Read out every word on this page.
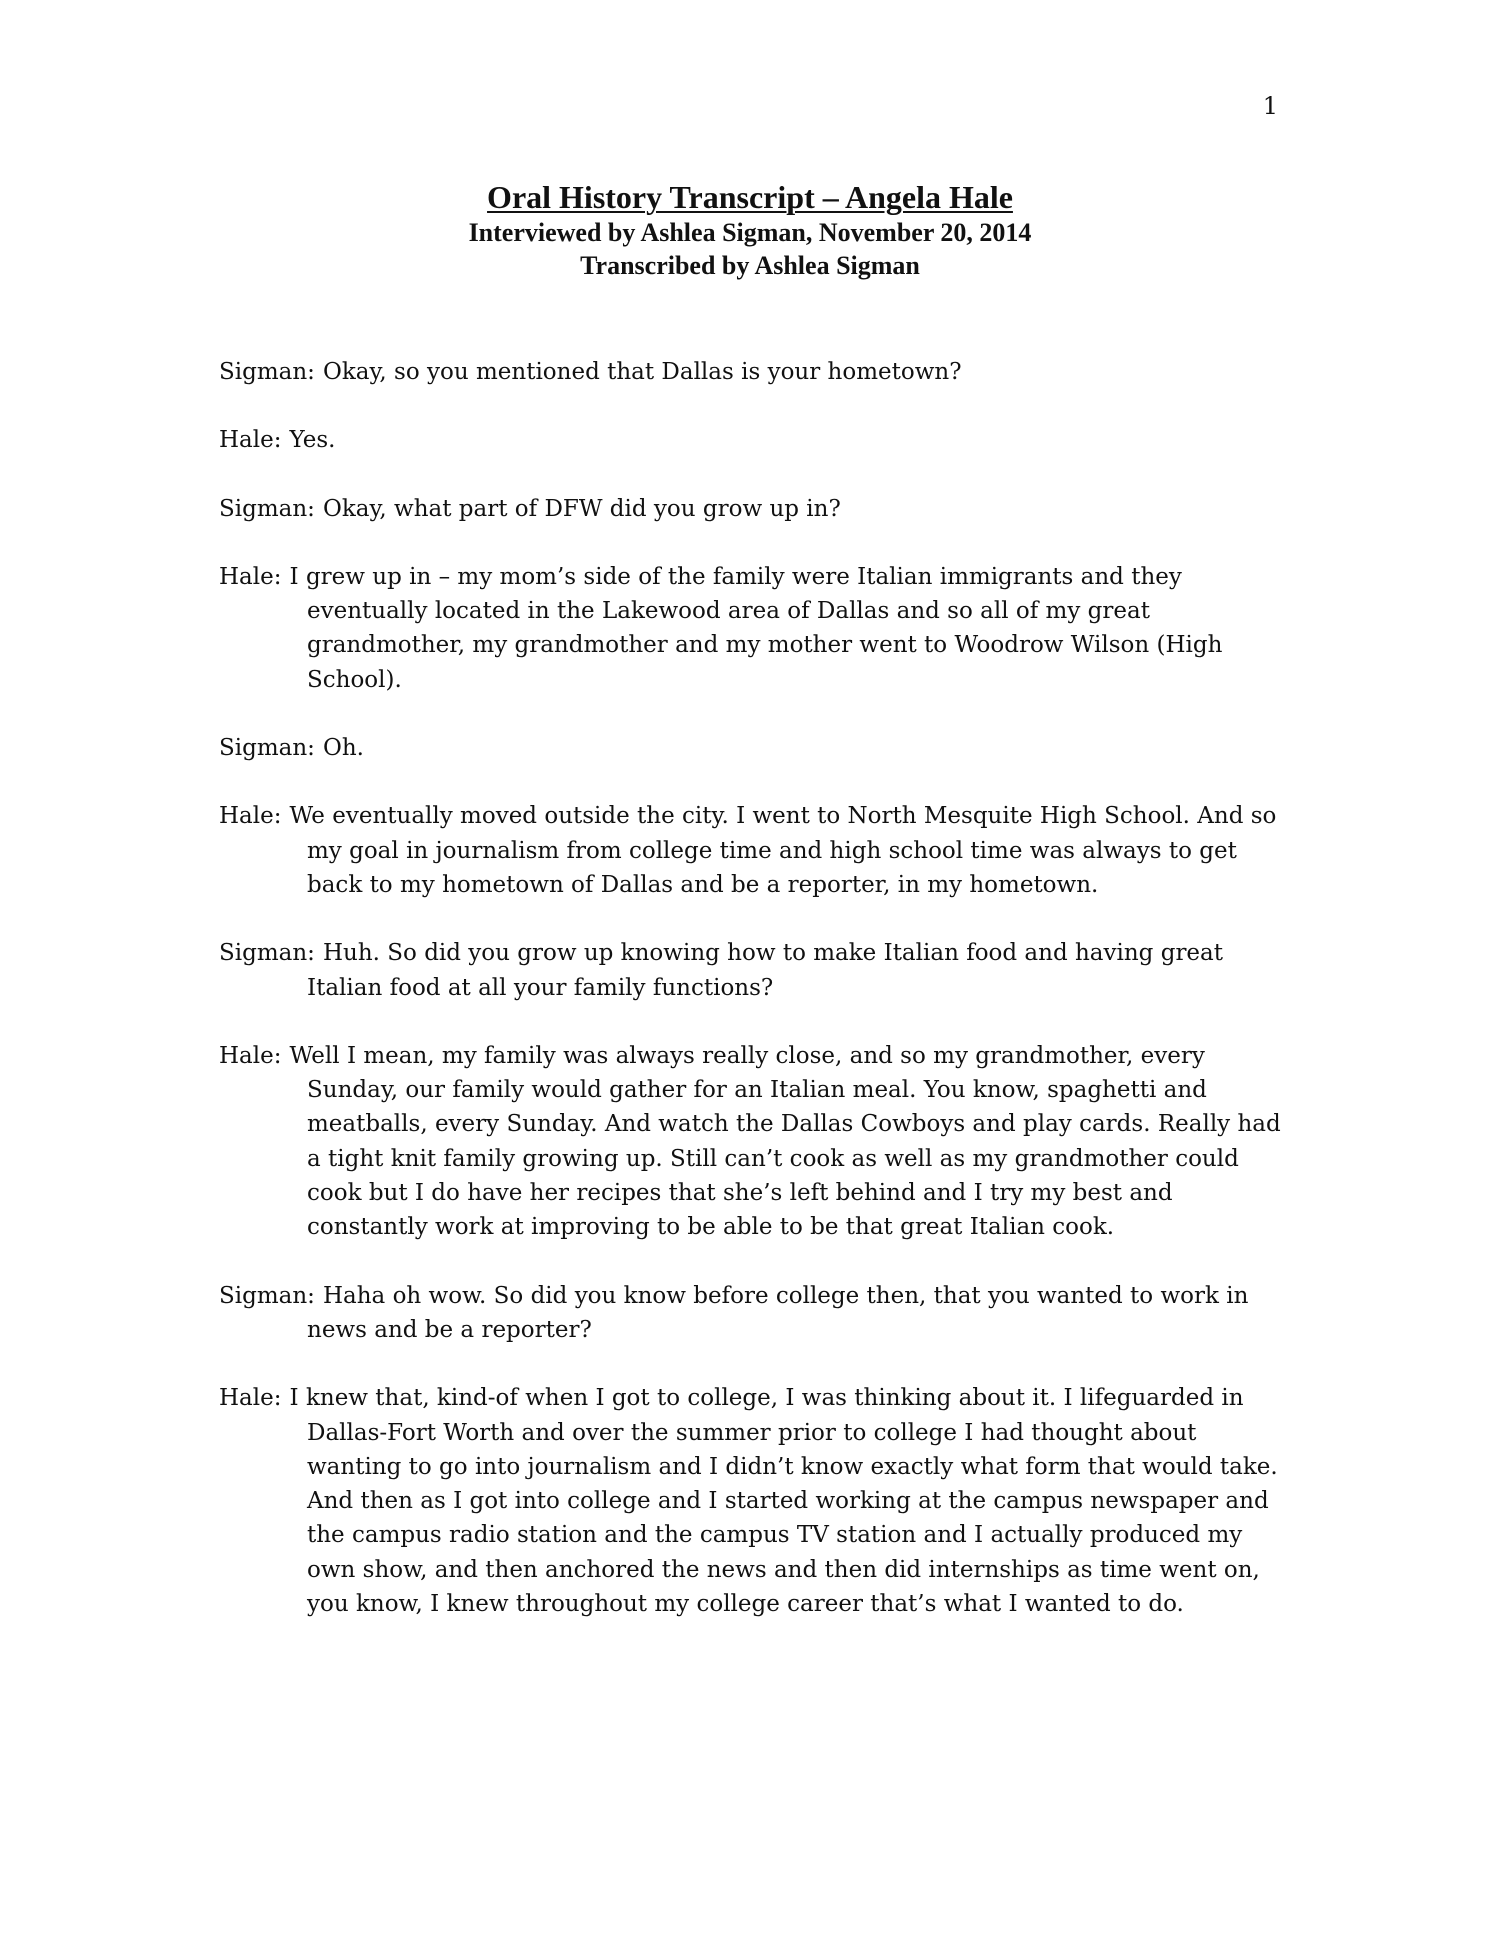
1
Oral History Transcript – Angela Hale
Interviewed by Ashlea Sigman, November 20, 2014
Transcribed by Ashlea Sigman

Sigman: Okay, so you mentioned that Dallas is your hometown?

Hale: Yes.

Sigman: Okay, what part of DFW did you grow up in?

Hale: I grew up in – my mom’s side of the family were Italian immigrants and they eventually located in the Lakewood area of Dallas and so all of my great grandmother, my grandmother and my mother went to Woodrow Wilson (High School).

Sigman: Oh.

Hale: We eventually moved outside the city. I went to North Mesquite High School. And so my goal in journalism from college time and high school time was always to get back to my hometown of Dallas and be a reporter, in my hometown.

Sigman: Huh. So did you grow up knowing how to make Italian food and having great Italian food at all your family functions?

Hale: Well I mean, my family was always really close, and so my grandmother, every Sunday, our family would gather for an Italian meal. You know, spaghetti and meatballs, every Sunday. And watch the Dallas Cowboys and play cards. Really had a tight knit family growing up. Still can’t cook as well as my grandmother could cook but I do have her recipes that she’s left behind and I try my best and constantly work at improving to be able to be that great Italian cook.

Sigman: Haha oh wow. So did you know before college then, that you wanted to work in news and be a reporter?

Hale: I knew that, kind-of when I got to college, I was thinking about it. I lifeguarded in Dallas-Fort Worth and over the summer prior to college I had thought about wanting to go into journalism and I didn’t know exactly what form that would take. And then as I got into college and I started working at the campus newspaper and the campus radio station and the campus TV station and I actually produced my own show, and then anchored the news and then did internships as time went on, you know, I knew throughout my college career that’s what I wanted to do.
